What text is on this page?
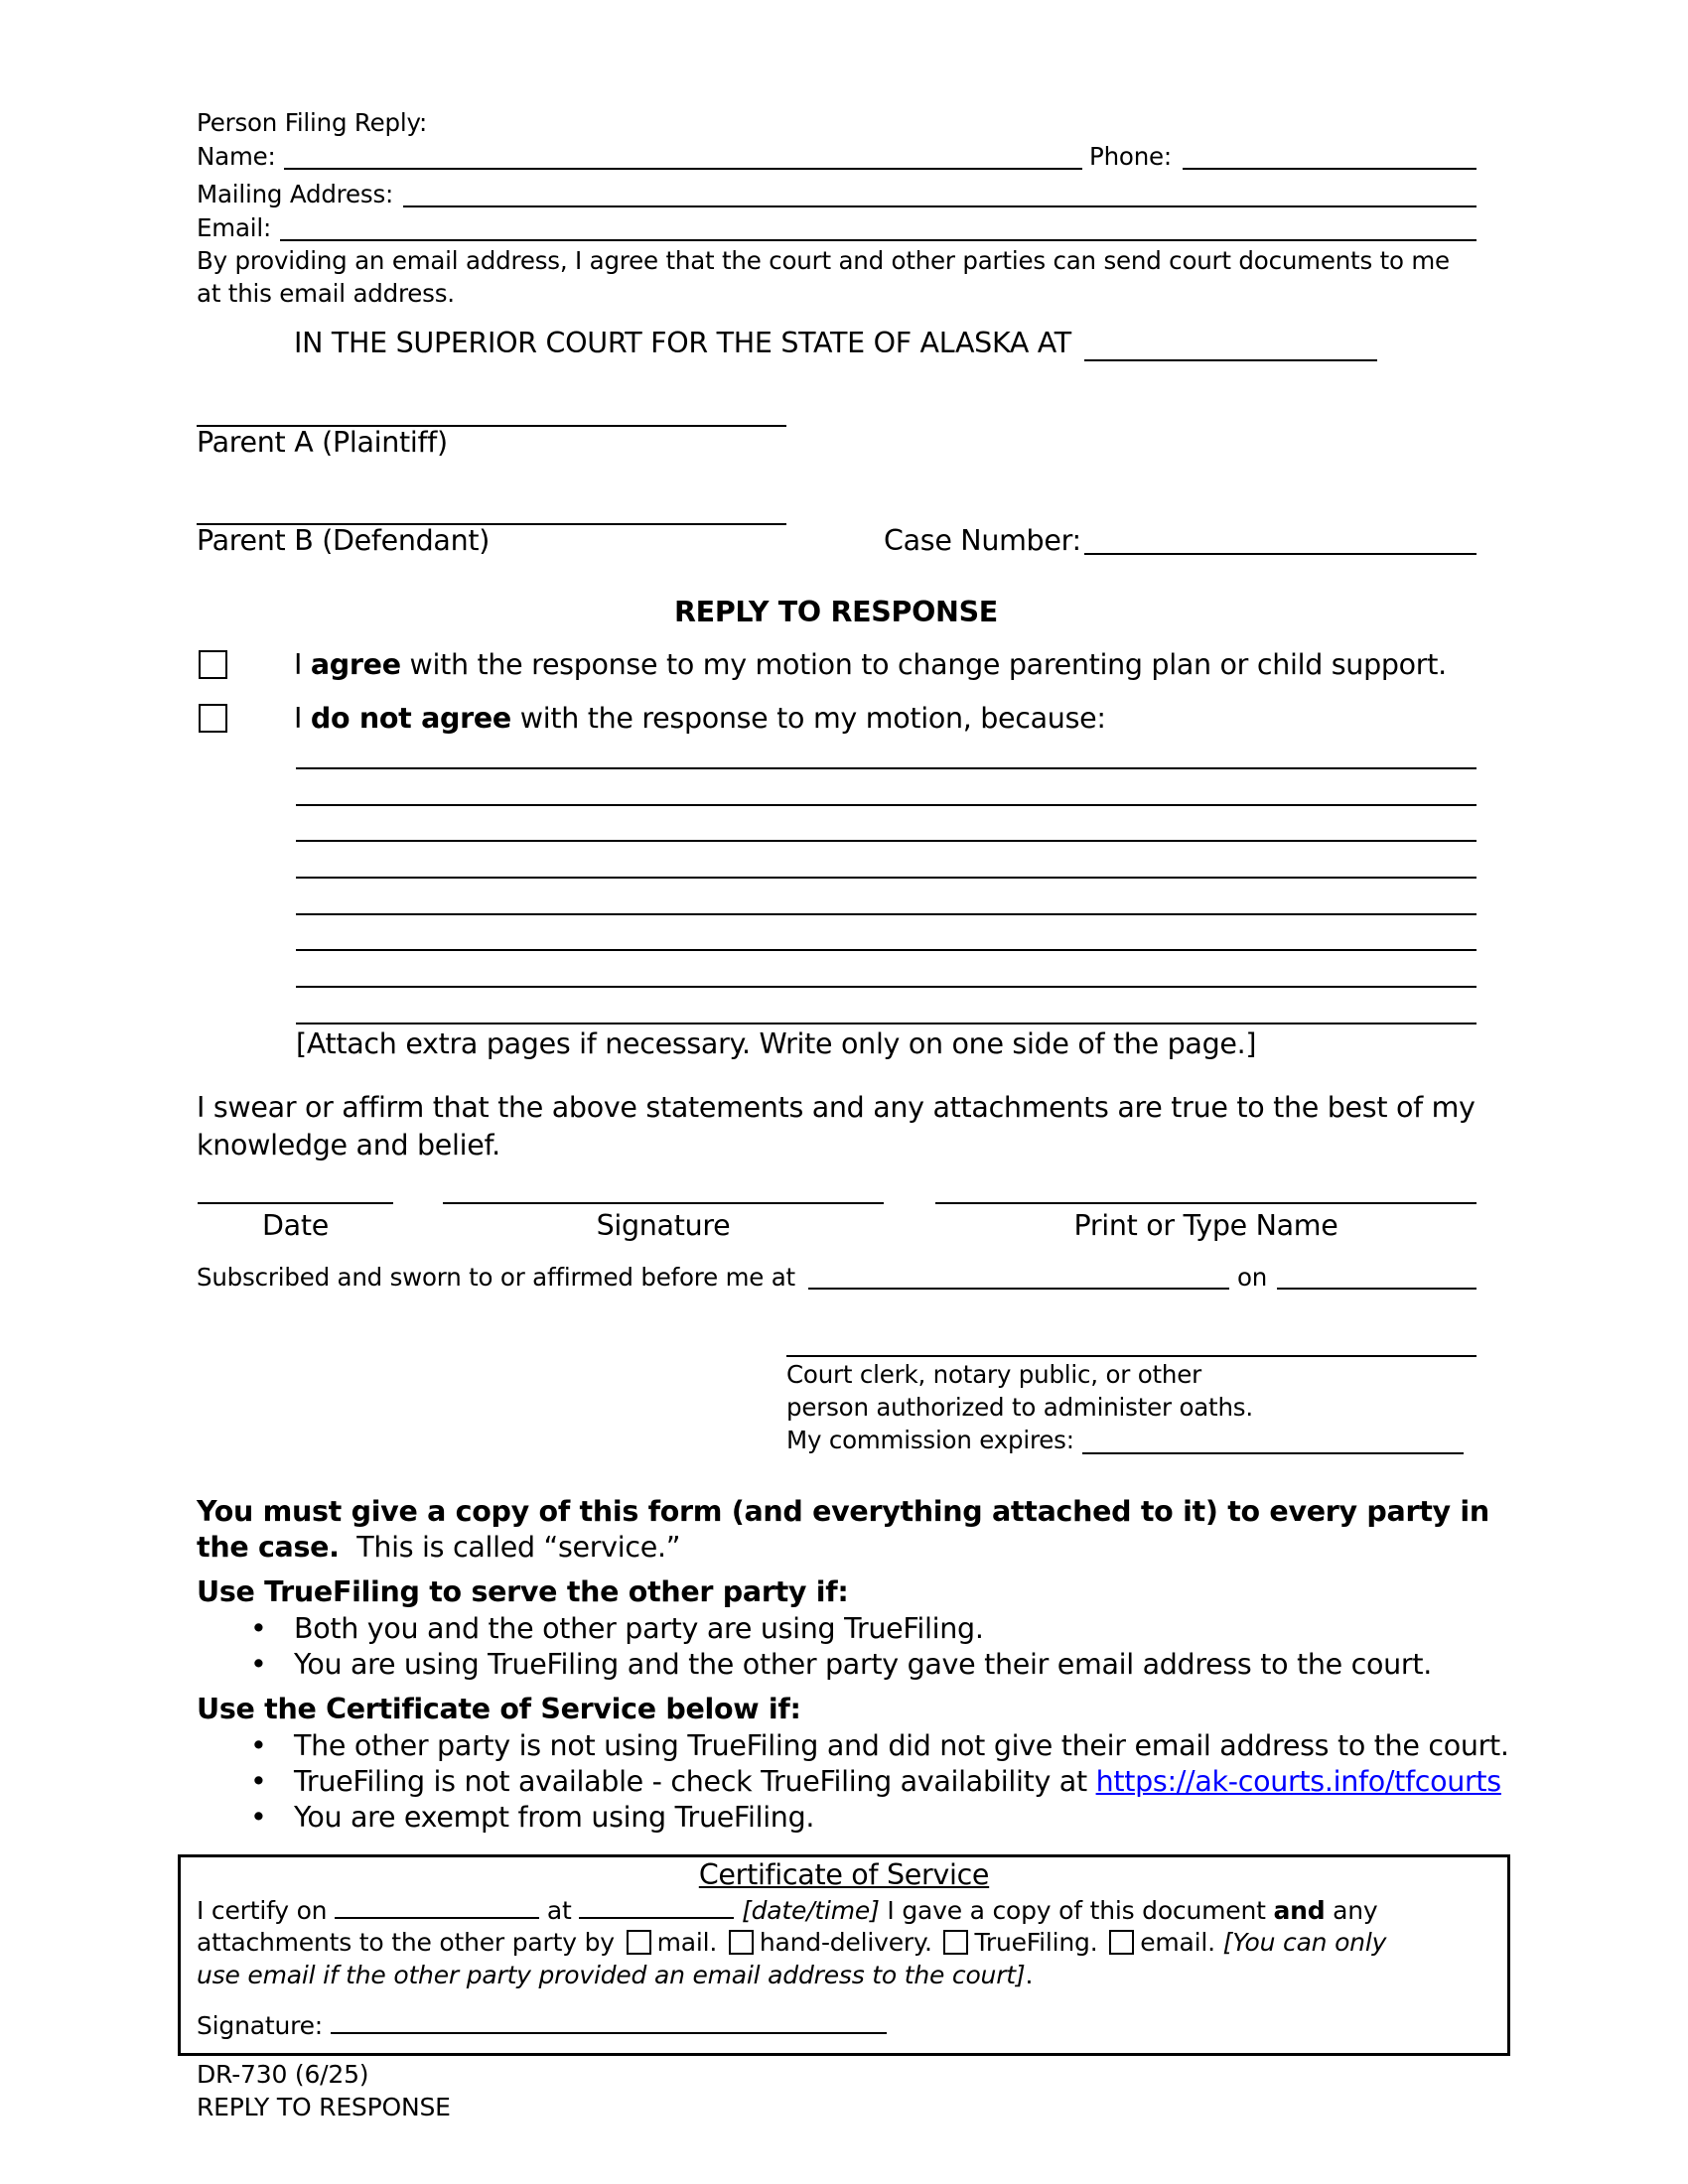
Person Filing Reply:
Name:	Phone:
Mailing Address:
Email:
By providing an email address, I agree that the court and other parties can send court documents to me
at this email address.
IN THE SUPERIOR COURT FOR THE STATE OF ALASKA AT
Parent A (Plaintiff)
Parent B (Defendant)	Case Number:
REPLY TO RESPONSE
I agree with the response to my motion to change parenting plan or child support.
I do not agree with the response to my motion, because:
[Attach extra pages if necessary. Write only on one side of the page.]
I swear or affirm that the above statements and any attachments are true to the best of my
knowledge and belief.
Date	Signature	Print or Type Name
Subscribed and sworn to or affirmed before me at	on
Court clerk, notary public, or other
person authorized to administer oaths.
My commission expires:
You must give a copy of this form (and everything attached to it) to every party in
the case.  This is called “service.”
Use TrueFiling to serve the other party if:
• Both you and the other party are using TrueFiling.
• You are using TrueFiling and the other party gave their email address to the court.
Use the Certificate of Service below if:
• The other party is not using TrueFiling and did not give their email address to the court.
• TrueFiling is not available - check TrueFiling availability at https://ak-courts.info/tfcourts
• You are exempt from using TrueFiling.
Certificate of Service
I certify on	at	[date/time] I gave a copy of this document and any
attachments to the other party by mail. hand-delivery. TrueFiling. email. [You can only
use email if the other party provided an email address to the court].
Signature:
DR-730 (6/25)
REPLY TO RESPONSE
